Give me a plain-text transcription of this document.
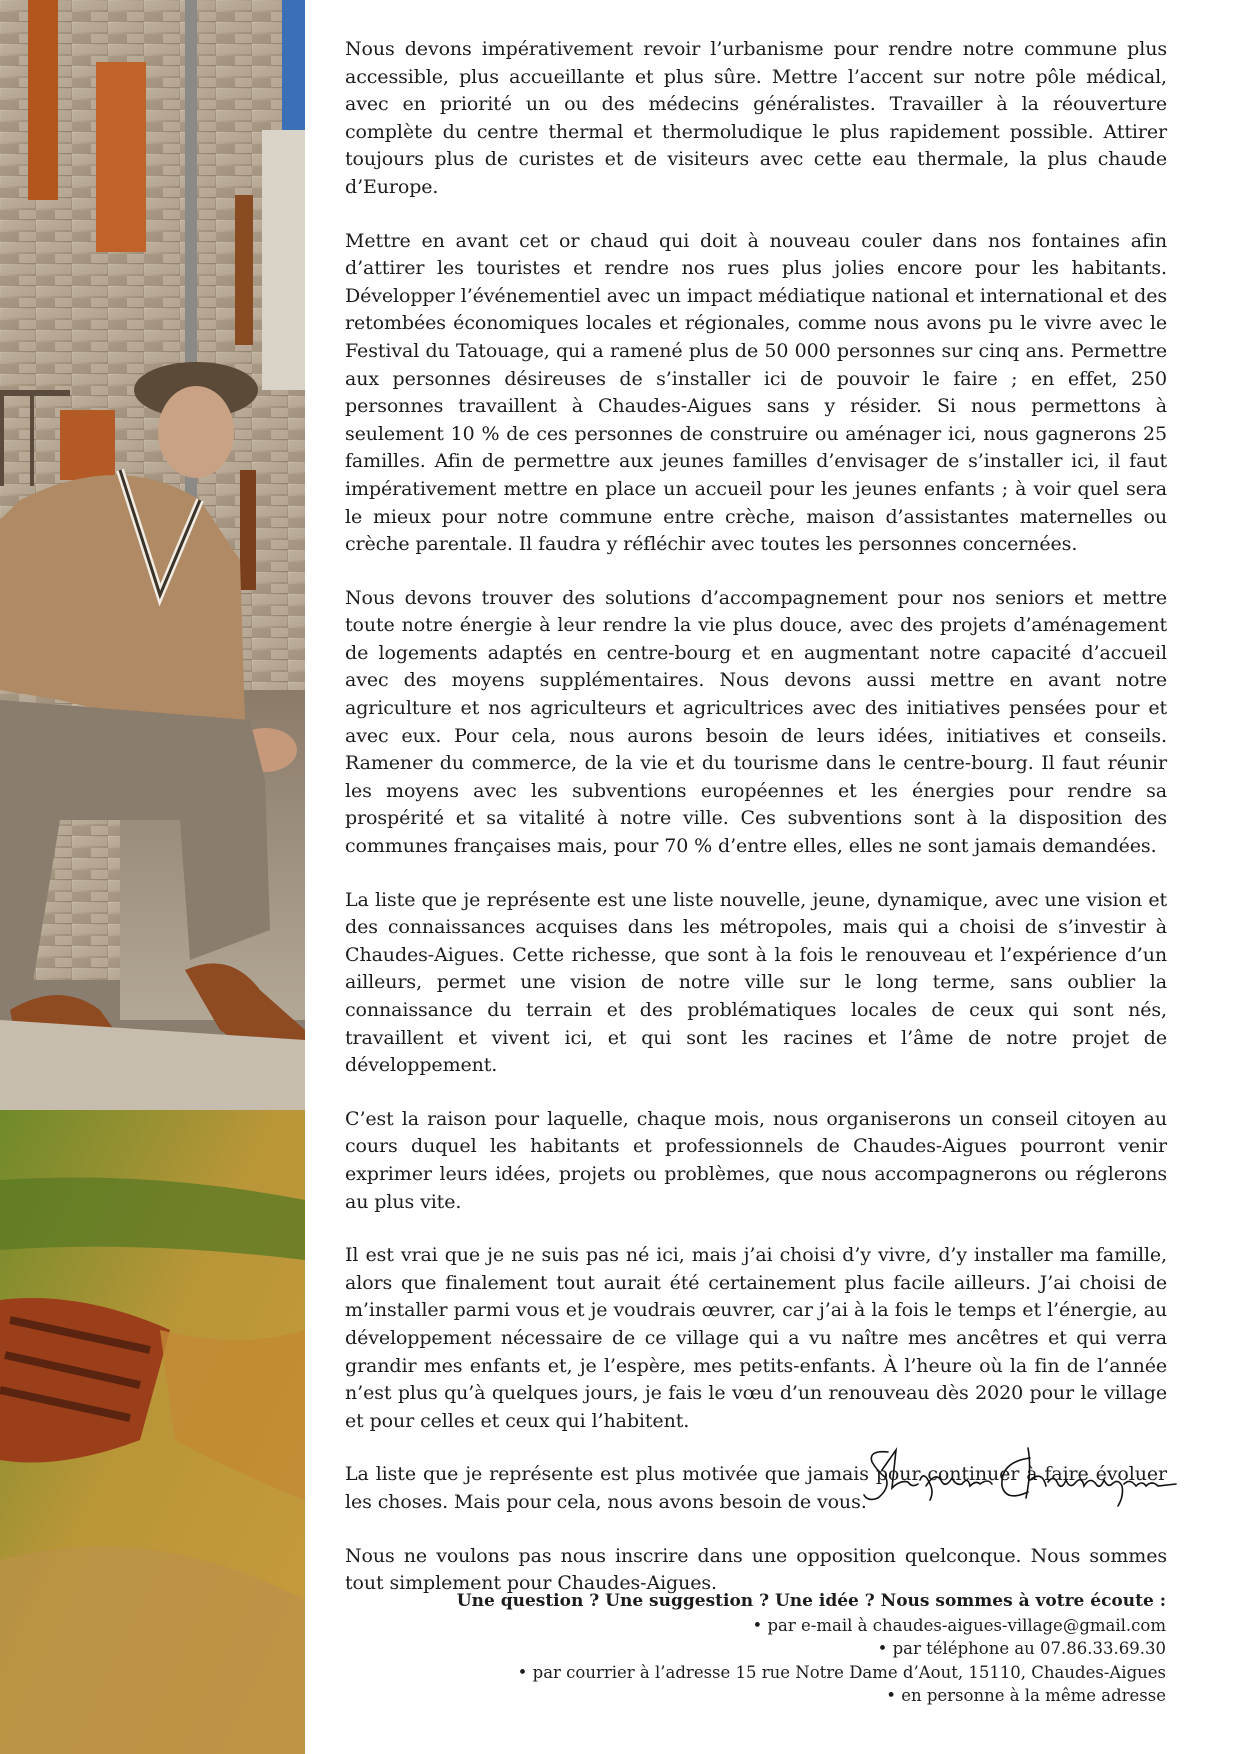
Nous devons impérativement revoir l’urbanisme pour rendre notre commune plus accessible, plus accueillante et plus sûre. Mettre l’accent sur notre pôle médical, avec en priorité un ou des médecins généralistes. Travailler à la réouverture complète du centre thermal et thermoludique le plus rapidement possible. Attirer toujours plus de curistes et de visiteurs avec cette eau thermale, la plus chaude d’Europe.

Mettre en avant cet or chaud qui doit à nouveau couler dans nos fontaines afin d’attirer les touristes et rendre nos rues plus jolies encore pour les habitants. Développer l’événementiel avec un impact médiatique national et international et des retombées économiques locales et régionales, comme nous avons pu le vivre avec le Festival du Tatouage, qui a ramené plus de 50 000 personnes sur cinq ans. Permettre aux personnes désireuses de s’installer ici de pouvoir le faire ; en effet, 250 personnes travaillent à Chaudes-Aigues sans y résider. Si nous permettons à seulement 10 % de ces personnes de construire ou aménager ici, nous gagnerons 25 familles. Afin de permettre aux jeunes familles d’envisager de s’installer ici, il faut impérativement mettre en place un accueil pour les jeunes enfants ; à voir quel sera le mieux pour notre commune entre crèche, maison d’assistantes maternelles ou crèche parentale. Il faudra y réfléchir avec toutes les personnes concernées.

Nous devons trouver des solutions d’accompagnement pour nos seniors et mettre toute notre énergie à leur rendre la vie plus douce, avec des projets d’aménagement de logements adaptés en centre-bourg et en augmentant notre capacité d’accueil avec des moyens supplémentaires. Nous devons aussi mettre en avant notre agriculture et nos agriculteurs et agricultrices avec des initiatives pensées pour et avec eux. Pour cela, nous aurons besoin de leurs idées, initiatives et conseils. Ramener du commerce, de la vie et du tourisme dans le centre-bourg. Il faut réunir les moyens avec les subventions européennes et les énergies pour rendre sa prospérité et sa vitalité à notre ville. Ces subventions sont à la disposition des communes françaises mais, pour 70 % d’entre elles, elles ne sont jamais demandées.

La liste que je représente est une liste nouvelle, jeune, dynamique, avec une vision et des connaissances acquises dans les métropoles, mais qui a choisi de s’investir à Chaudes-Aigues. Cette richesse, que sont à la fois le renouveau et l’expérience d’un ailleurs, permet une vision de notre ville sur le long terme, sans oublier la connaissance du terrain et des problématiques locales de ceux qui sont nés, travaillent et vivent ici, et qui sont les racines et l’âme de notre projet de développement.

C’est la raison pour laquelle, chaque mois, nous organiserons un conseil citoyen au cours duquel les habitants et professionnels de Chaudes-Aigues pourront venir exprimer leurs idées, projets ou problèmes, que nous accompagnerons ou réglerons au plus vite.

Il est vrai que je ne suis pas né ici, mais j’ai choisi d’y vivre, d’y installer ma famille, alors que finalement tout aurait été certainement plus facile ailleurs. J’ai choisi de m’installer parmi vous et je voudrais œuvrer, car j’ai à la fois le temps et l’énergie, au développement nécessaire de ce village qui a vu naître mes ancêtres et qui verra grandir mes enfants et, je l’espère, mes petits-enfants. À l’heure où la fin de l’année n’est plus qu’à quelques jours, je fais le vœu d’un renouveau dès 2020 pour le village et pour celles et ceux qui l’habitent.

La liste que je représente est plus motivée que jamais pour continuer à faire évoluer les choses. Mais pour cela, nous avons besoin de vous.

Nous ne voulons pas nous inscrire dans une opposition quelconque. Nous sommes tout simplement pour Chaudes-Aigues.

Une question ? Une suggestion ? Une idée ? Nous sommes à votre écoute :
• par e-mail à chaudes-aigues-village@gmail.com
• par téléphone au 07.86.33.69.30
• par courrier à l’adresse 15 rue Notre Dame d’Aout, 15110, Chaudes-Aigues
• en personne à la même adresse
